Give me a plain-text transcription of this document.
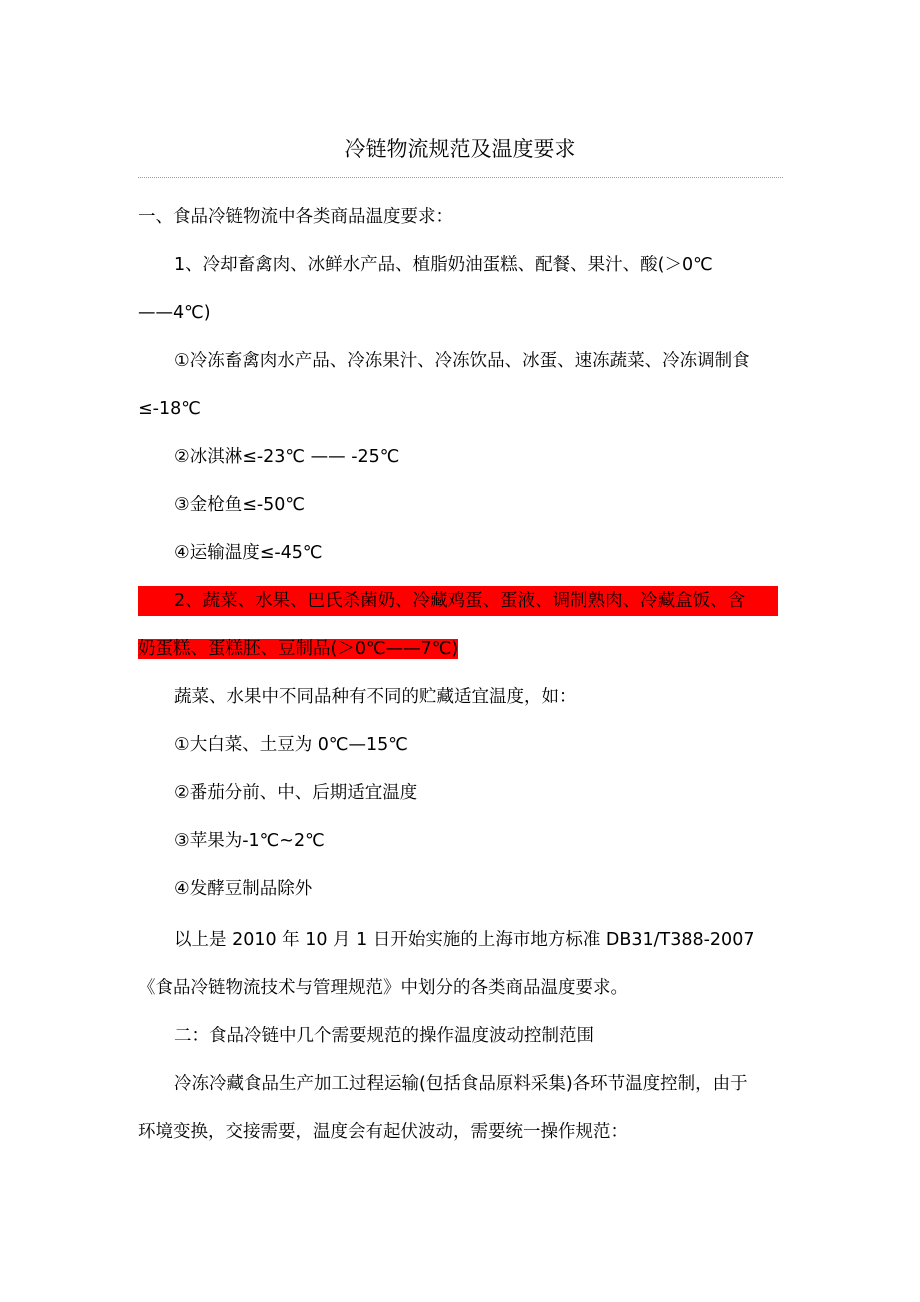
冷链物流规范及温度要求
一、食品冷链物流中各类商品温度要求：
1、冷却畜禽肉、冰鲜水产品、植脂奶油蛋糕、配餐、果汁、酸(＞0℃
——4℃)
①冷冻畜禽肉水产品、冷冻果汁、冷冻饮品、冰蛋、速冻蔬菜、冷冻调制食
≤-18℃
②冰淇淋≤-23℃ —— -25℃
③金枪鱼≤-50℃
④运输温度≤-45℃
2、蔬菜、水果、巴氏杀菌奶、冷藏鸡蛋、蛋液、调制熟肉、冷藏盒饭、含
奶蛋糕、蛋糕胚、豆制品(＞0℃——7℃)
蔬菜、水果中不同品种有不同的贮藏适宜温度，如：
①大白菜、土豆为 0℃—15℃
②番茄分前、中、后期适宜温度
③苹果为-1℃~2℃
④发酵豆制品除外
以上是 2010 年 10 月 1 日开始实施的上海市地方标准 DB31/T388-2007
《食品冷链物流技术与管理规范》中划分的各类商品温度要求。
二：食品冷链中几个需要规范的操作温度波动控制范围
冷冻冷藏食品生产加工过程运输(包括食品原料采集)各环节温度控制，由于
环境变换，交接需要，温度会有起伏波动，需要统一操作规范：
